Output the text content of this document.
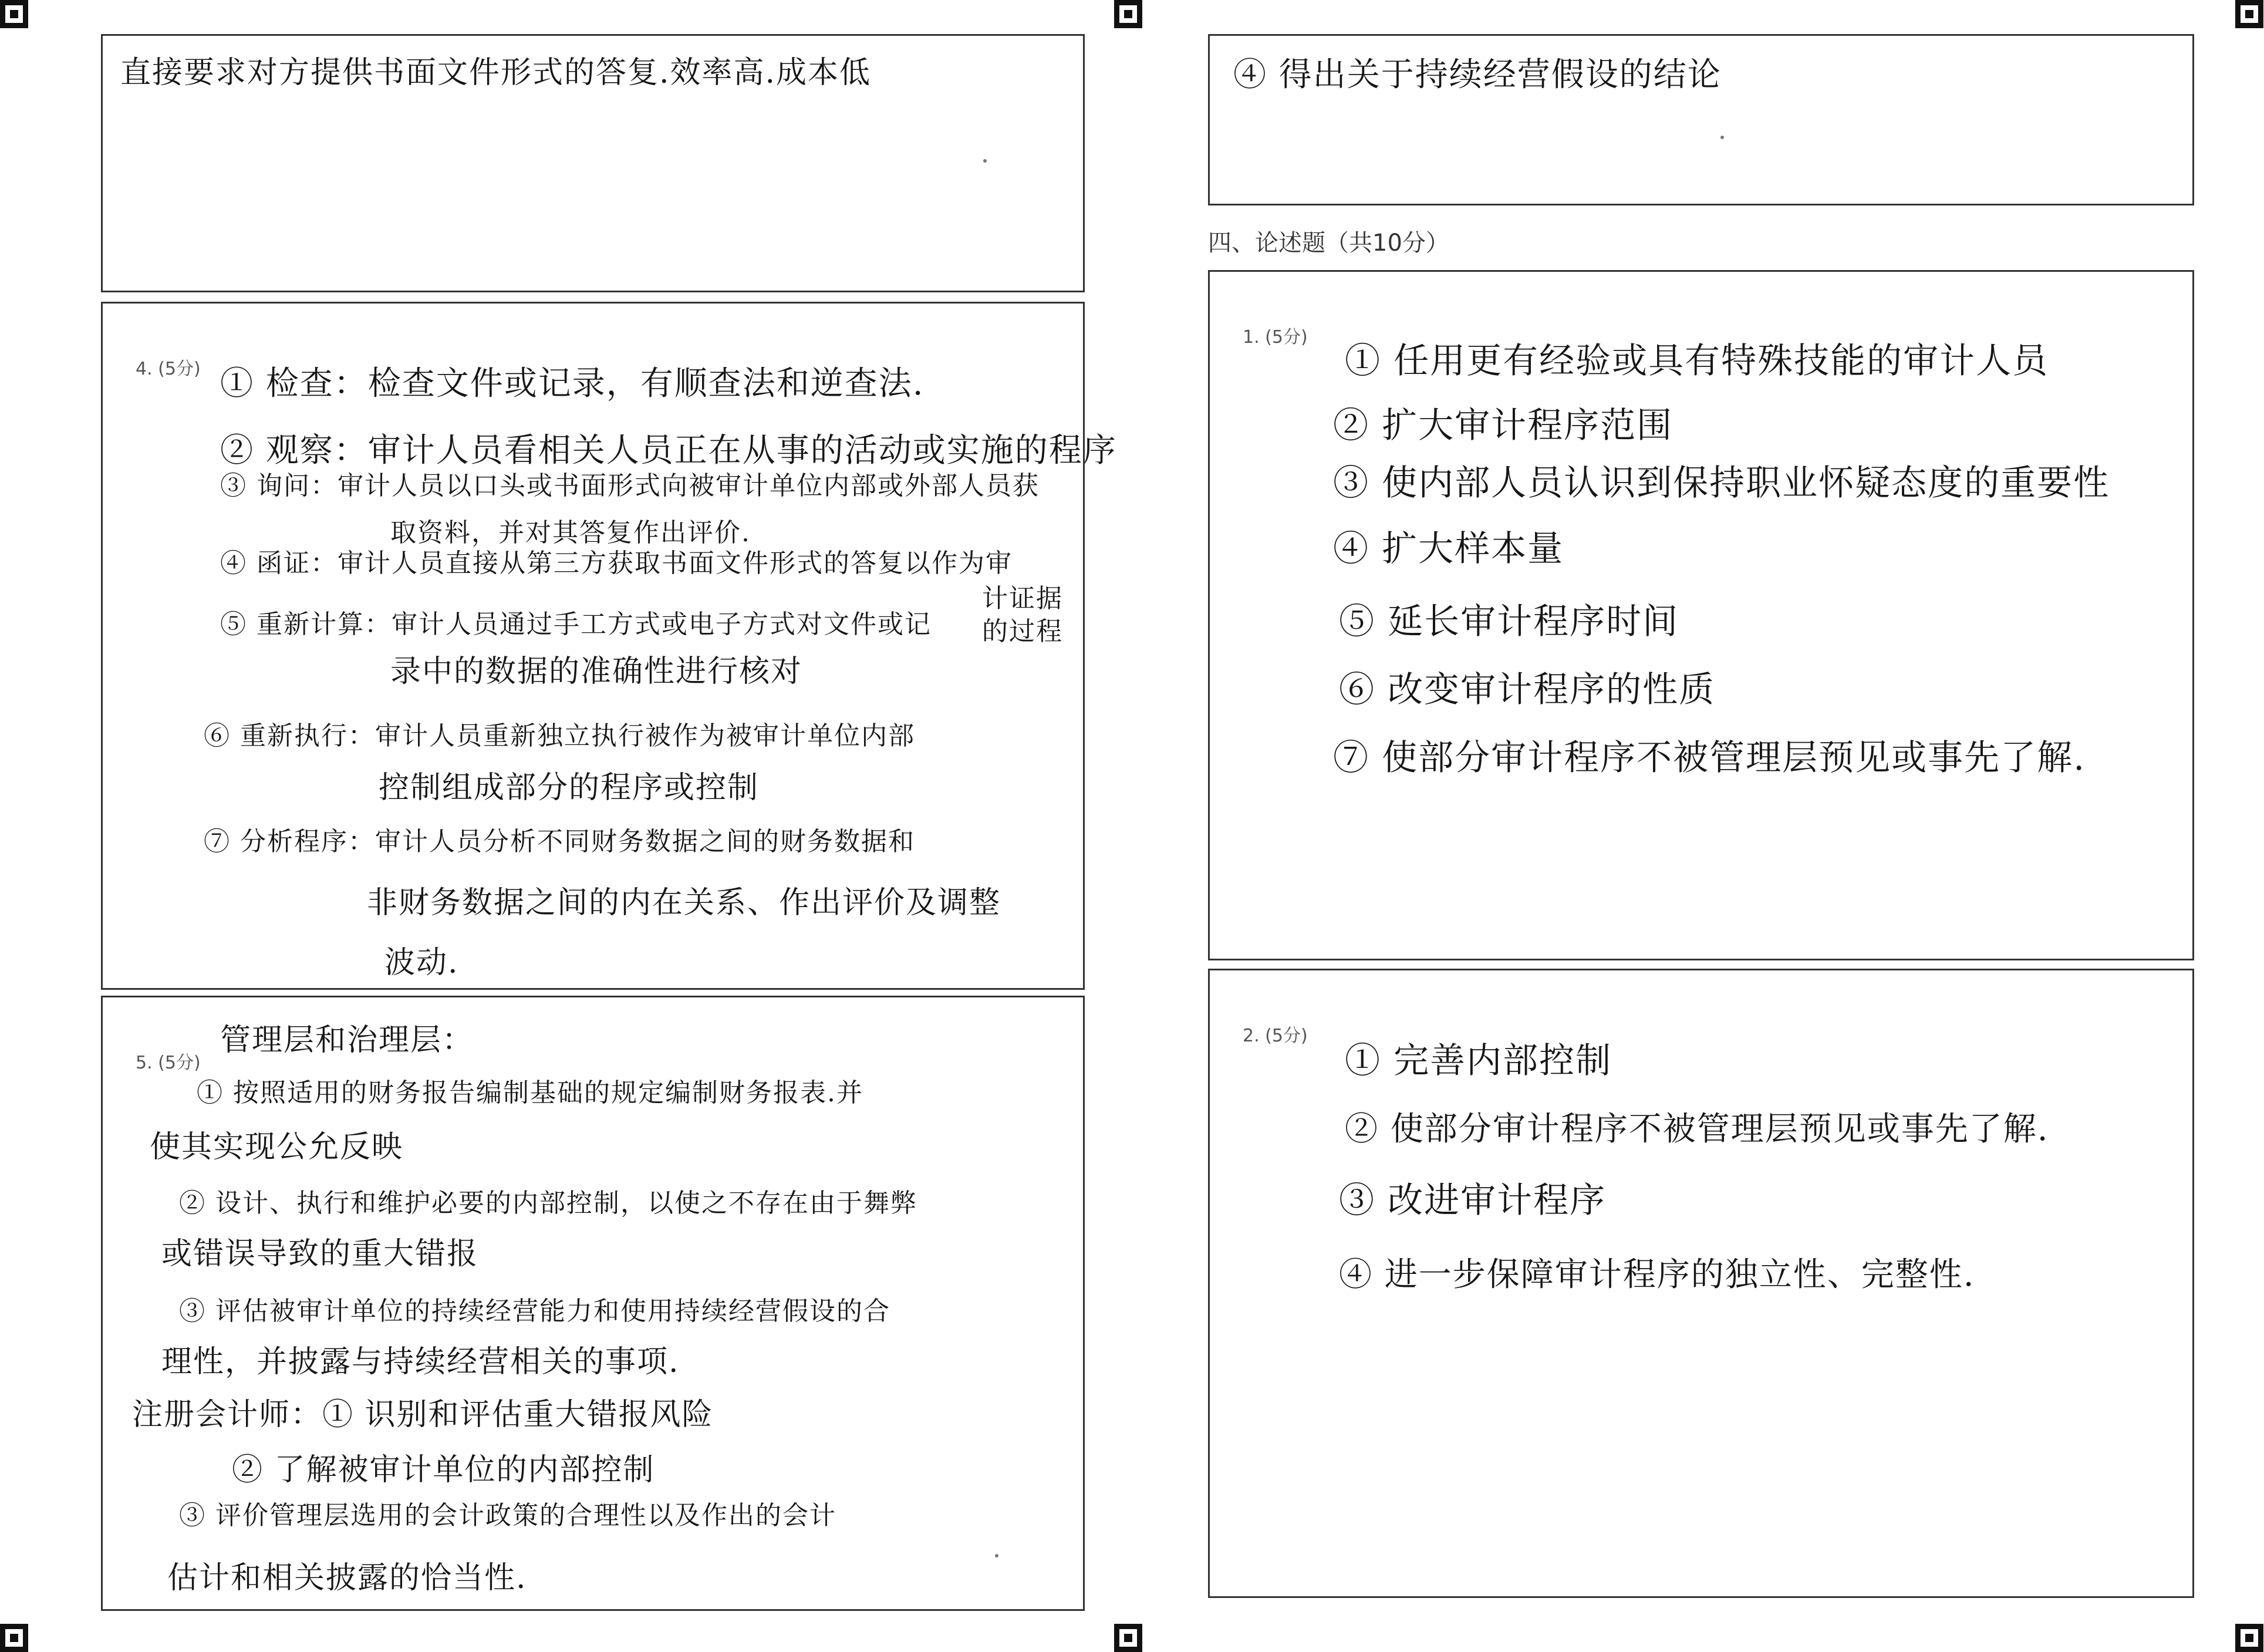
直接要求对方提供书面文件形式的答复.效率高.成本低
4. (5分) ① 检查：检查文件或记录，有顺查法和逆查法.
② 观察：审计人员看相关人员正在从事的活动或实施的程序
③ 询问：审计人员以口头或书面形式向被审计单位内部或外部人员获
取资料，并对其答复作出评价.
④ 函证：审计人员直接从第三方获取书面文件形式的答复以作为审
计证据
的过程
⑤ 重新计算：审计人员通过手工方式或电子方式对文件或记
录中的数据的准确性进行核对
⑥ 重新执行：审计人员重新独立执行被作为被审计单位内部
控制组成部分的程序或控制
⑦ 分析程序：审计人员分析不同财务数据之间的财务数据和
非财务数据之间的内在关系、作出评价及调整
波动.
5. (5分)
管理层和治理层：
① 按照适用的财务报告编制基础的规定编制财务报表.并
使其实现公允反映
② 设计、执行和维护必要的内部控制，以使之不存在由于舞弊
或错误导致的重大错报
③ 评估被审计单位的持续经营能力和使用持续经营假设的合
理性，并披露与持续经营相关的事项.
注册会计师：① 识别和评估重大错报风险
② 了解被审计单位的内部控制
③ 评价管理层选用的会计政策的合理性以及作出的会计
估计和相关披露的恰当性.
④ 得出关于持续经营假设的结论
四、论述题（共10分）
1. (5分)
① 任用更有经验或具有特殊技能的审计人员
② 扩大审计程序范围
③ 使内部人员认识到保持职业怀疑态度的重要性
④ 扩大样本量
⑤ 延长审计程序时间
⑥ 改变审计程序的性质
⑦ 使部分审计程序不被管理层预见或事先了解.
2. (5分)
① 完善内部控制
② 使部分审计程序不被管理层预见或事先了解.
③ 改进审计程序
④ 进一步保障审计程序的独立性、完整性.
